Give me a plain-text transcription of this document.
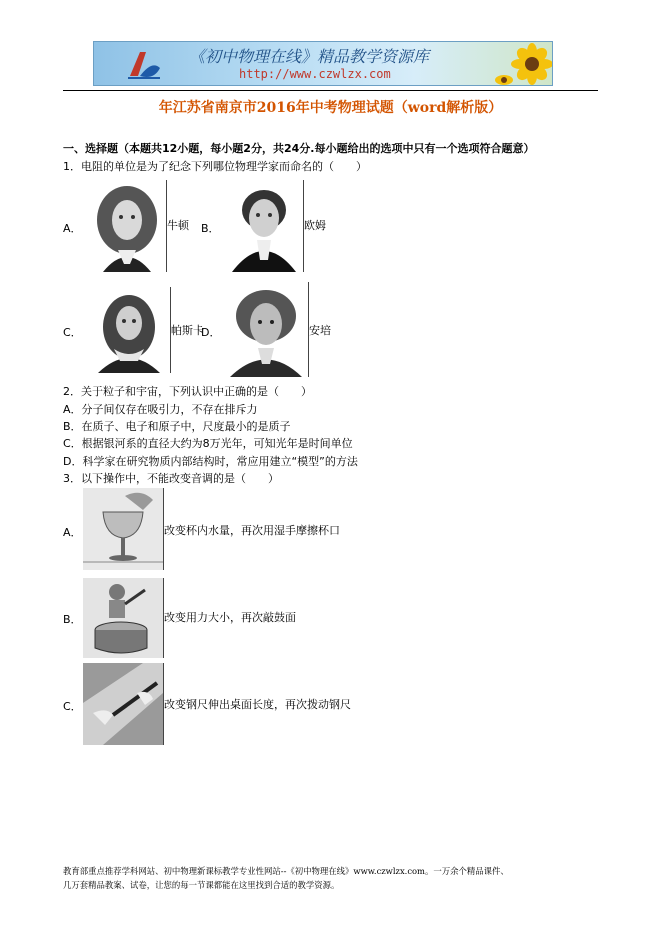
《初中物理在线》精品教学资源库
http://www.czwlzx.com
年江苏省南京市2016年中考物理试题（word解析版）
一、选择题（本题共12小题，每小题2分，共24分.每小题给出的选项中只有一个选项符合题意）
1．电阻的单位是为了纪念下列哪位物理学家而命名的（　　）
A．	牛顿 B．	欧姆
C．	帕斯卡
D．	安培
2．关于粒子和宇宙，下列认识中正确的是（　　）
A．分子间仅存在吸引力，不存在排斥力
B．在质子、电子和原子中，尺度最小的是质子
C．根据银河系的直径大约为8万光年，可知光年是时间单位
D．科学家在研究物质内部结构时，常应用建立“模型”的方法
3．以下操作中，不能改变音调的是（　　）
A．	改变杯内水量，再次用湿手摩擦杯口
B．	改变用力大小，再次敲鼓面
C．	改变钢尺伸出桌面长度，再次拨动钢尺
教育部重点推荐学科网站、初中物理新课标教学专业性网站--《初中物理在线》www.czwlzx.com。一万余个精品课件、
几万套精品教案、试卷，让您的每一节课都能在这里找到合适的教学资源。
